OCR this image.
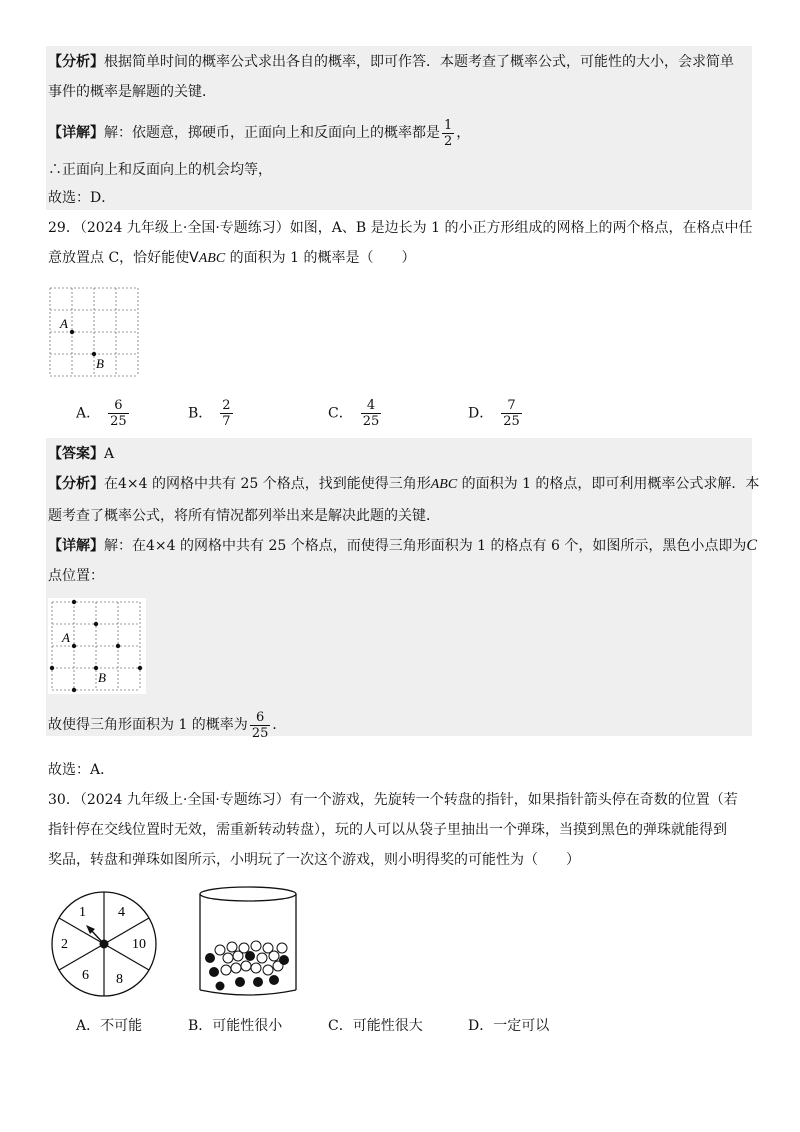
【分析】根据简单时间的概率公式求出各自的概率，即可作答．本题考查了概率公式，可能性的大小，会求简单
事件的概率是解题的关键．
【详解】解：依题意，掷硬币，正面向上和反面向上的概率都是 $\frac{1}{2}$ ，
∴正面向上和反面向上的机会均等，
故选：D．
29．（2024 九年级上·全国·专题练习）如图，A、B 是边长为 1 的小正方形组成的网格上的两个格点，在格点中任
意放置点 C，恰好能使VABC 的面积为 1 的概率是（　　）
A
B
A． $\frac{6}{25}$	B． $\frac{2}{7}$	C． $\frac{4}{25}$	D． $\frac{7}{25}$
【答案】A
【分析】在4×4 的网格中共有 25 个格点，找到能使得三角形ABC 的面积为 1 的格点，即可利用概率公式求解．本
题考查了概率公式，将所有情况都列举出来是解决此题的关键．
【详解】解：在4×4 的网格中共有 25 个格点，而使得三角形面积为 1 的格点有 6 个，如图所示，黑色小点即为C
点位置：
A
B
故使得三角形面积为 1 的概率为 $\frac{6}{25}$ ．
故选：A．
30．（2024 九年级上·全国·专题练习）有一个游戏，先旋转一个转盘的指针，如果指针箭头停在奇数的位置（若
指针停在交线位置时无效，需重新转动转盘），玩的人可以从袋子里抽出一个弹珠，当摸到黑色的弹珠就能得到
奖品，转盘和弹珠如图所示，小明玩了一次这个游戏，则小明得奖的可能性为（　　）
1 4
10
8
6
2
A．不可能	B．可能性很小	C．可能性很大	D．一定可以
